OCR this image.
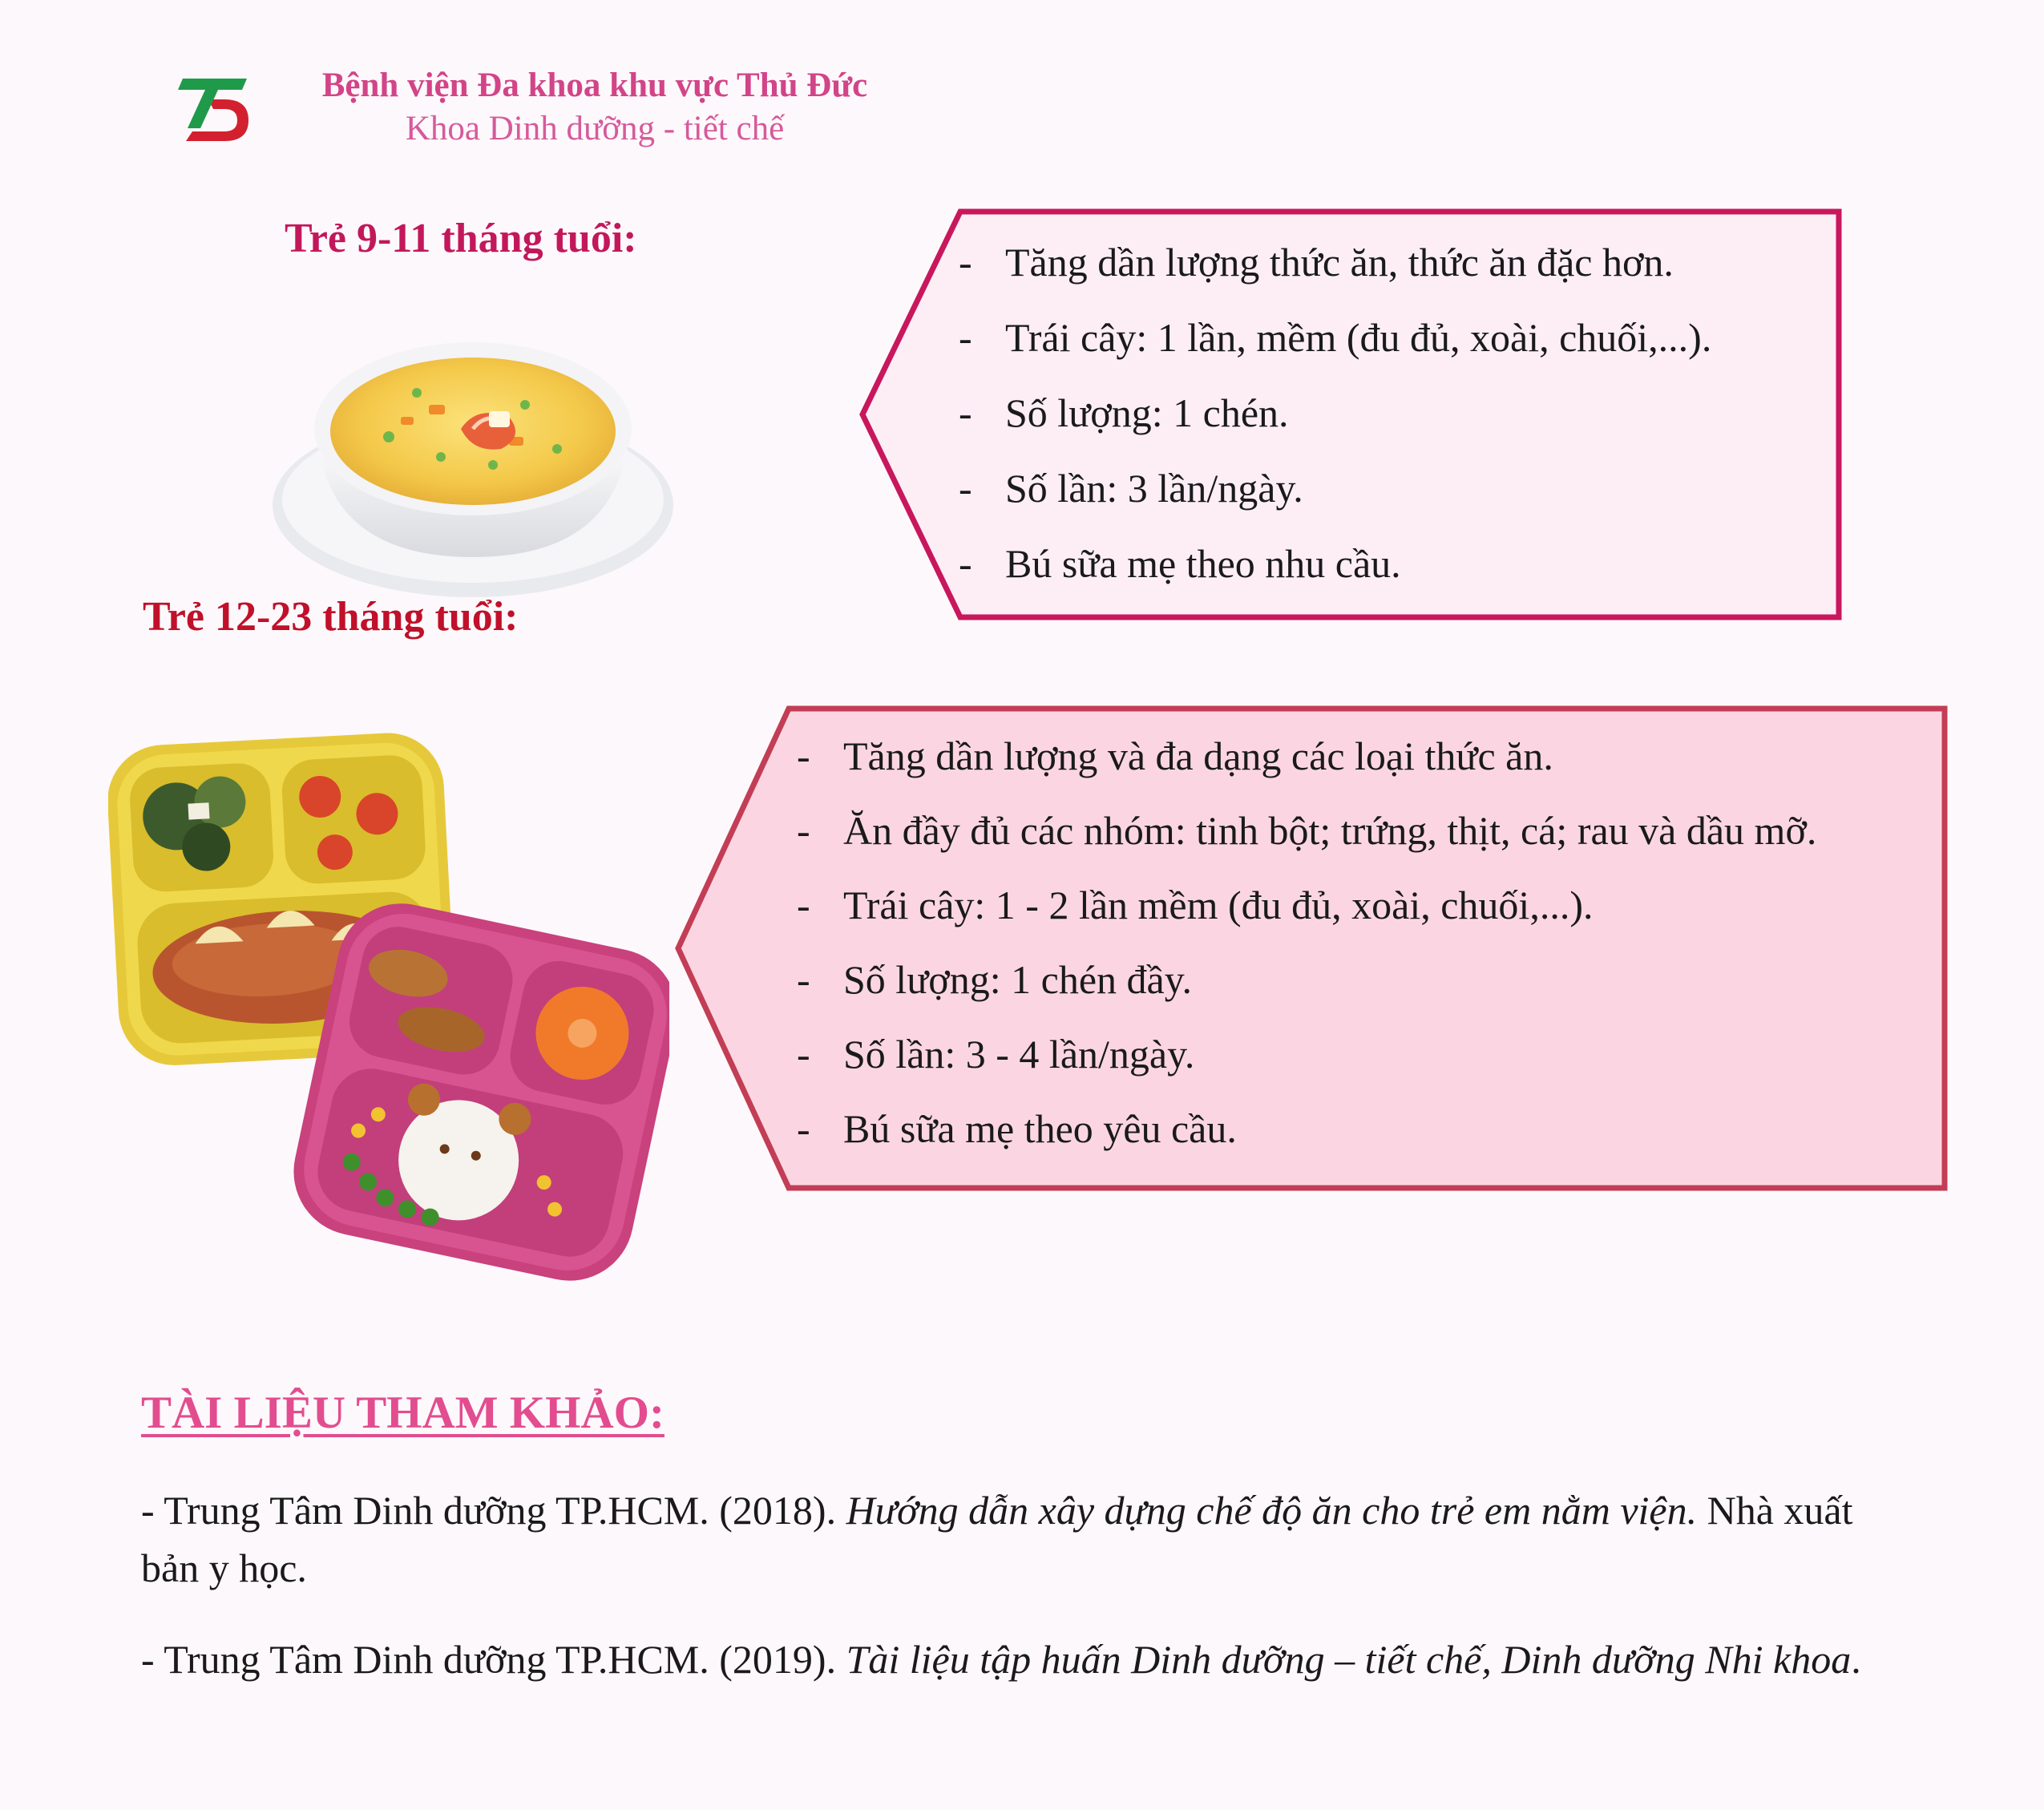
Bệnh viện Đa khoa khu vực Thủ Đức
Khoa Dinh dưỡng - tiết chế
Trẻ 9-11 tháng tuổi:
- Tăng dần lượng thức ăn, thức ăn đặc hơn.
- Trái cây: 1 lần, mềm (đu đủ, xoài, chuối,...).
- Số lượng: 1 chén.
- Số lần: 3 lần/ngày.
- Bú sữa mẹ theo nhu cầu.
Trẻ 12-23 tháng tuổi:
- Tăng dần lượng và đa dạng các loại thức ăn.
- Ăn đầy đủ các nhóm: tinh bột; trứng, thịt, cá; rau và dầu mỡ.
- Trái cây: 1 - 2 lần mềm (đu đủ, xoài, chuối,...).
- Số lượng: 1 chén đầy.
- Số lần: 3 - 4 lần/ngày.
- Bú sữa mẹ theo yêu cầu.
TÀI LIỆU THAM KHẢO:
- Trung Tâm Dinh dưỡng TP.HCM. (2018). Hướng dẫn xây dựng chế độ ăn cho trẻ em nằm viện. Nhà xuất bản y học.
- Trung Tâm Dinh dưỡng TP.HCM. (2019). Tài liệu tập huấn Dinh dưỡng – tiết chế, Dinh dưỡng Nhi khoa.
